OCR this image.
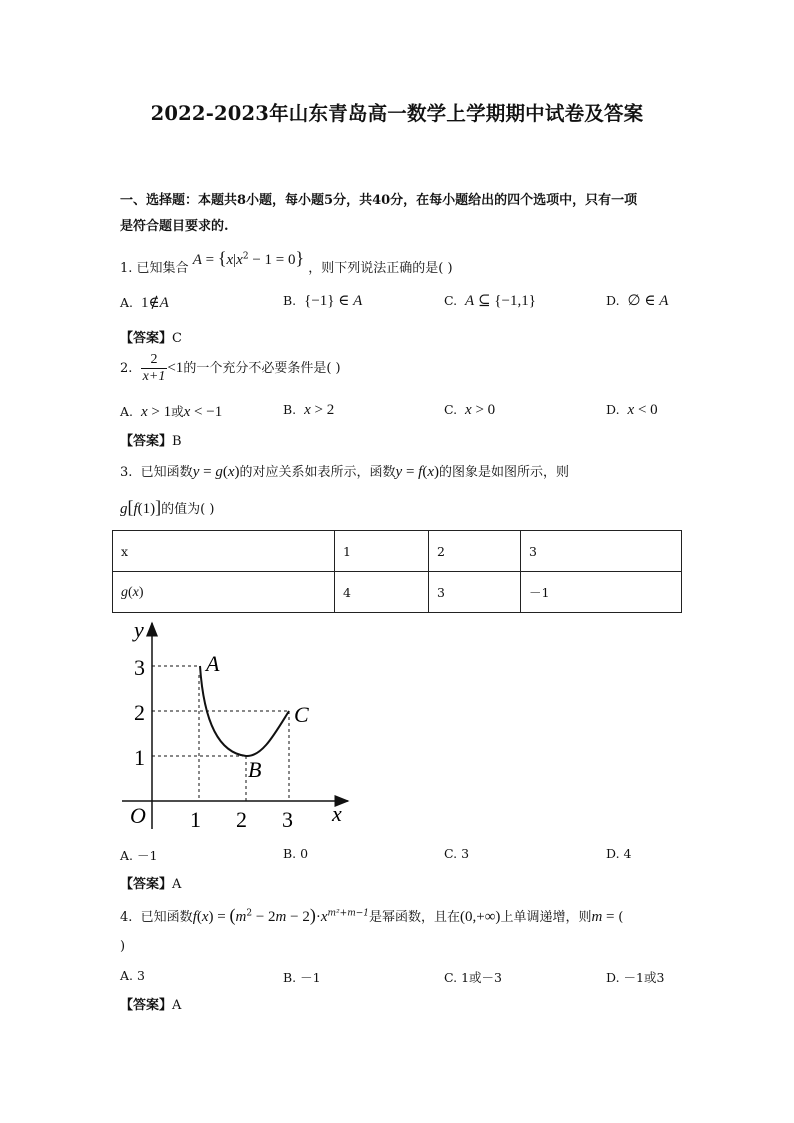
2022-2023年山东青岛高一数学上学期期中试卷及答案
一、选择题：本题共8小题，每小题5分，共40分，在每小题给出的四个选项中，只有一项
是符合题目要求的.
1. 已知集合 $A = \{x|x^2 - 1 = 0\}$ ，则下列说法正确的是( )
A. 1∉A	B. {−1} ∈ A	C. A ⊆ {−1,1}	D. ∅ ∈ A
【答案】C
2. $\frac{2}{x+1} <1$的一个充分不必要条件是( )
A. x > 1或x < −1	B. x > 2	C. x > 0	D. x < 0
【答案】B
3. 已知函数y = g(x)的对应关系如表所示，函数y = f(x)的图象是如图所示，则
g[f(1)]的值为( )
x	1	2	3
g(x)	4	3	－1
y
x
O
3
2
1
1 2 3
A
B
C
A. －1	B. 0	C. 3	D. 4
【答案】A
4. 已知函数$f(x) = (m^2 - 2m - 2)\cdot x^{m^2+m-1}$是幂函数，且在(0,+∞)上单调递增，则m = (
)
A. 3	B. －1	C. 1或－3	D. －1或3
【答案】A
